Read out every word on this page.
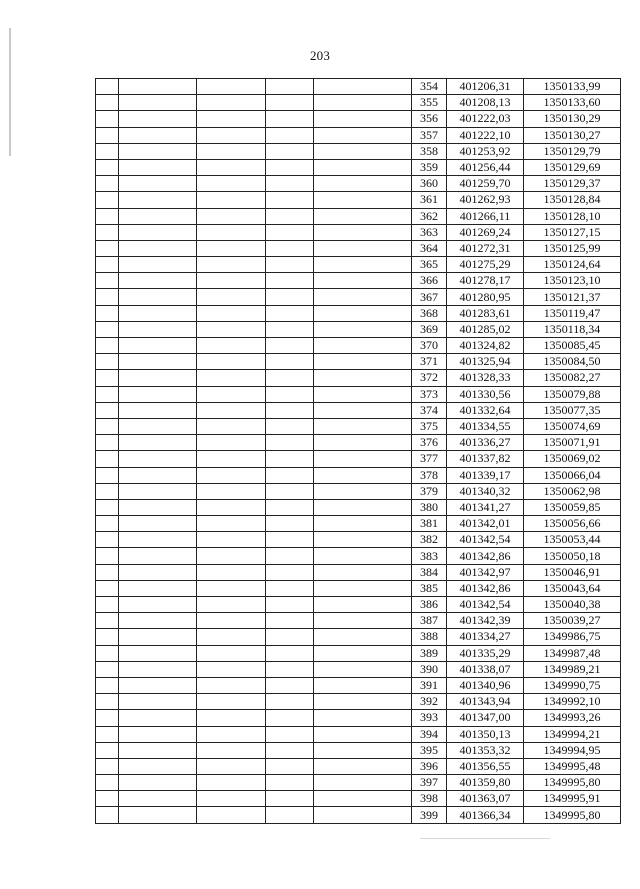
203
					354	401206,31	1350133,99
					355	401208,13	1350133,60
					356	401222,03	1350130,29
					357	401222,10	1350130,27
					358	401253,92	1350129,79
					359	401256,44	1350129,69
					360	401259,70	1350129,37
					361	401262,93	1350128,84
					362	401266,11	1350128,10
					363	401269,24	1350127,15
					364	401272,31	1350125,99
					365	401275,29	1350124,64
					366	401278,17	1350123,10
					367	401280,95	1350121,37
					368	401283,61	1350119,47
					369	401285,02	1350118,34
					370	401324,82	1350085,45
					371	401325,94	1350084,50
					372	401328,33	1350082,27
					373	401330,56	1350079,88
					374	401332,64	1350077,35
					375	401334,55	1350074,69
					376	401336,27	1350071,91
					377	401337,82	1350069,02
					378	401339,17	1350066,04
					379	401340,32	1350062,98
					380	401341,27	1350059,85
					381	401342,01	1350056,66
					382	401342,54	1350053,44
					383	401342,86	1350050,18
					384	401342,97	1350046,91
					385	401342,86	1350043,64
					386	401342,54	1350040,38
					387	401342,39	1350039,27
					388	401334,27	1349986,75
					389	401335,29	1349987,48
					390	401338,07	1349989,21
					391	401340,96	1349990,75
					392	401343,94	1349992,10
					393	401347,00	1349993,26
					394	401350,13	1349994,21
					395	401353,32	1349994,95
					396	401356,55	1349995,48
					397	401359,80	1349995,80
					398	401363,07	1349995,91
					399	401366,34	1349995,80
